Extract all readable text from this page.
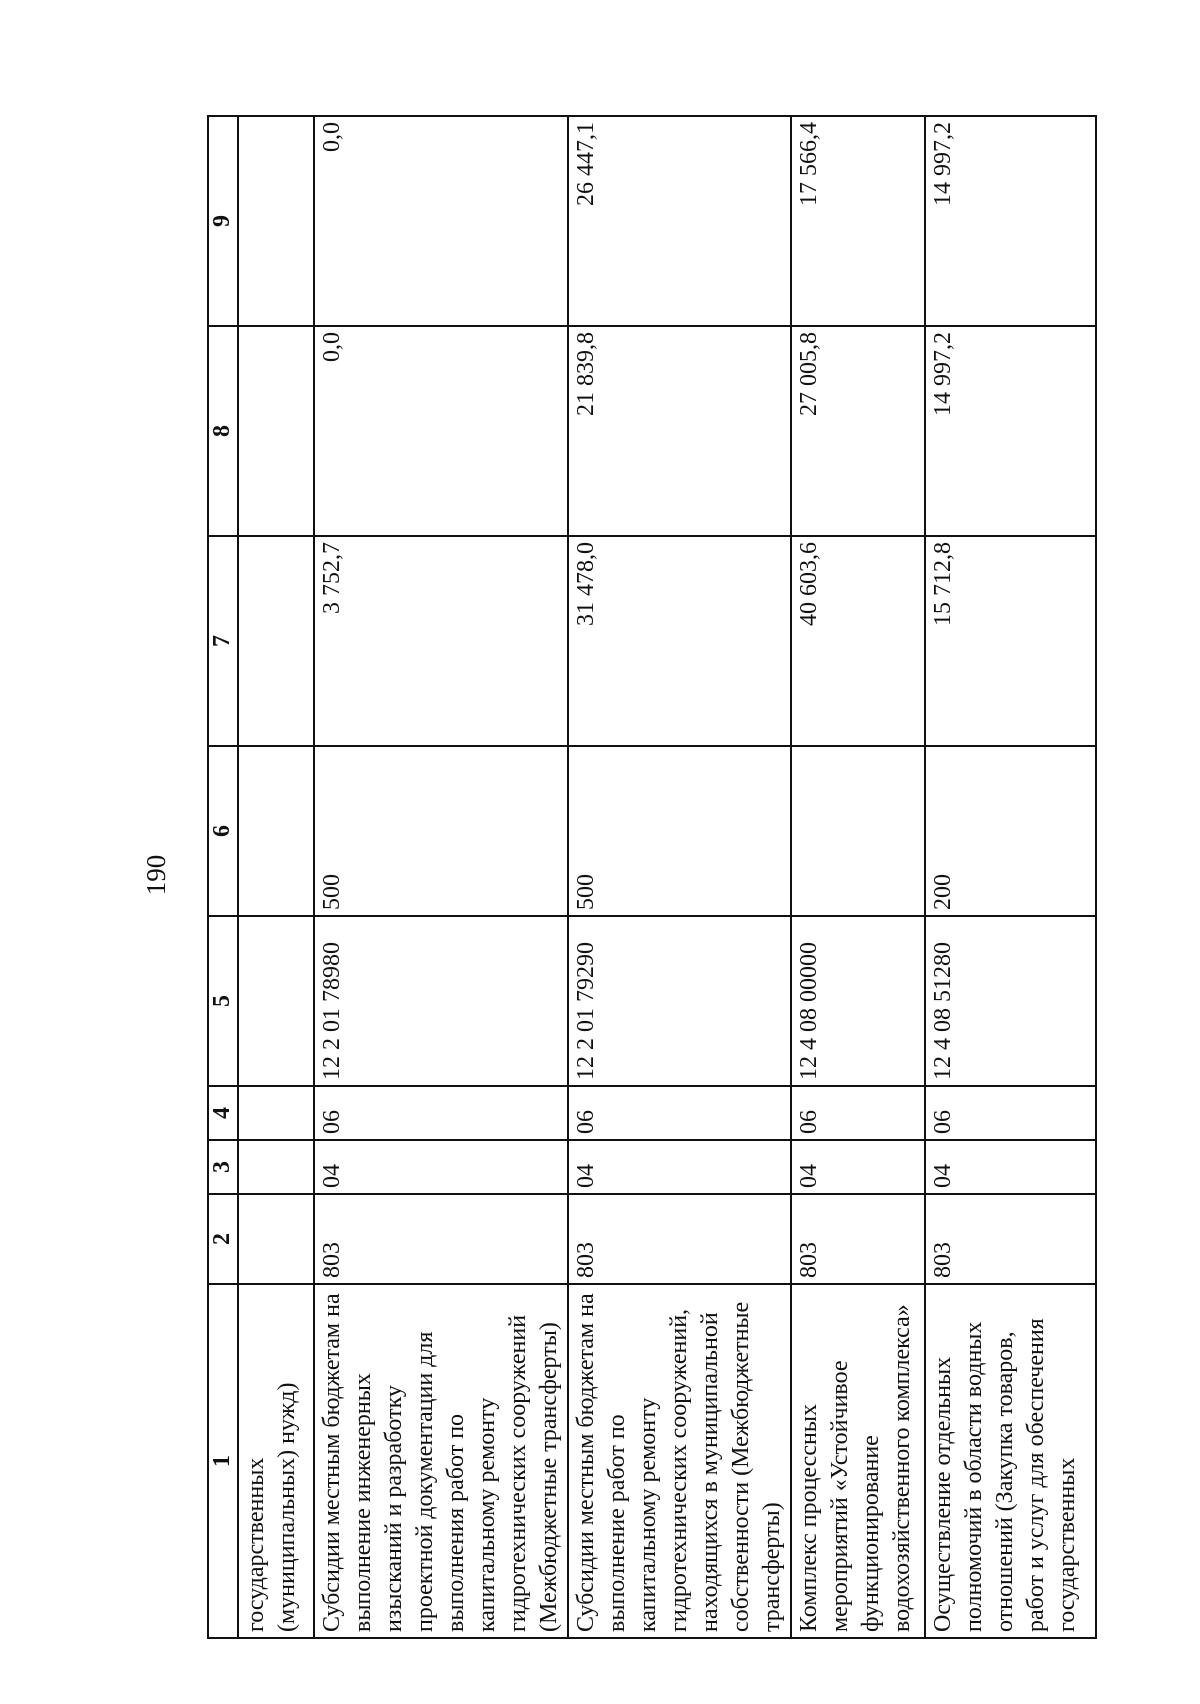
190
1	2	3	4	5	6	7	8	9
государственных (муниципальных) нужд)								
Субсидии местным бюджетам на выполнение инженерных изысканий и разработку проектной документации для выполнения работ по капитальному ремонту гидротехнических сооружений (Межбюджетные трансферты)	803	04	06	12 2 01 78980	500	3 752,7	0,0	0,0
Субсидии местным бюджетам на выполнение работ по капитальному ремонту гидротехнических сооружений, находящихся в муниципальной собственности (Межбюджетные трансферты)	803	04	06	12 2 01 79290	500	31 478,0	21 839,8	26 447,1
Комплекс процессных мероприятий «Устойчивое функционирование водохозяйственного комплекса»	803	04	06	12 4 08 00000		40 603,6	27 005,8	17 566,4
Осуществление отдельных полномочий в области водных отношений (Закупка товаров, работ и услуг для обеспечения государственных	803	04	06	12 4 08 51280	200	15 712,8	14 997,2	14 997,2
